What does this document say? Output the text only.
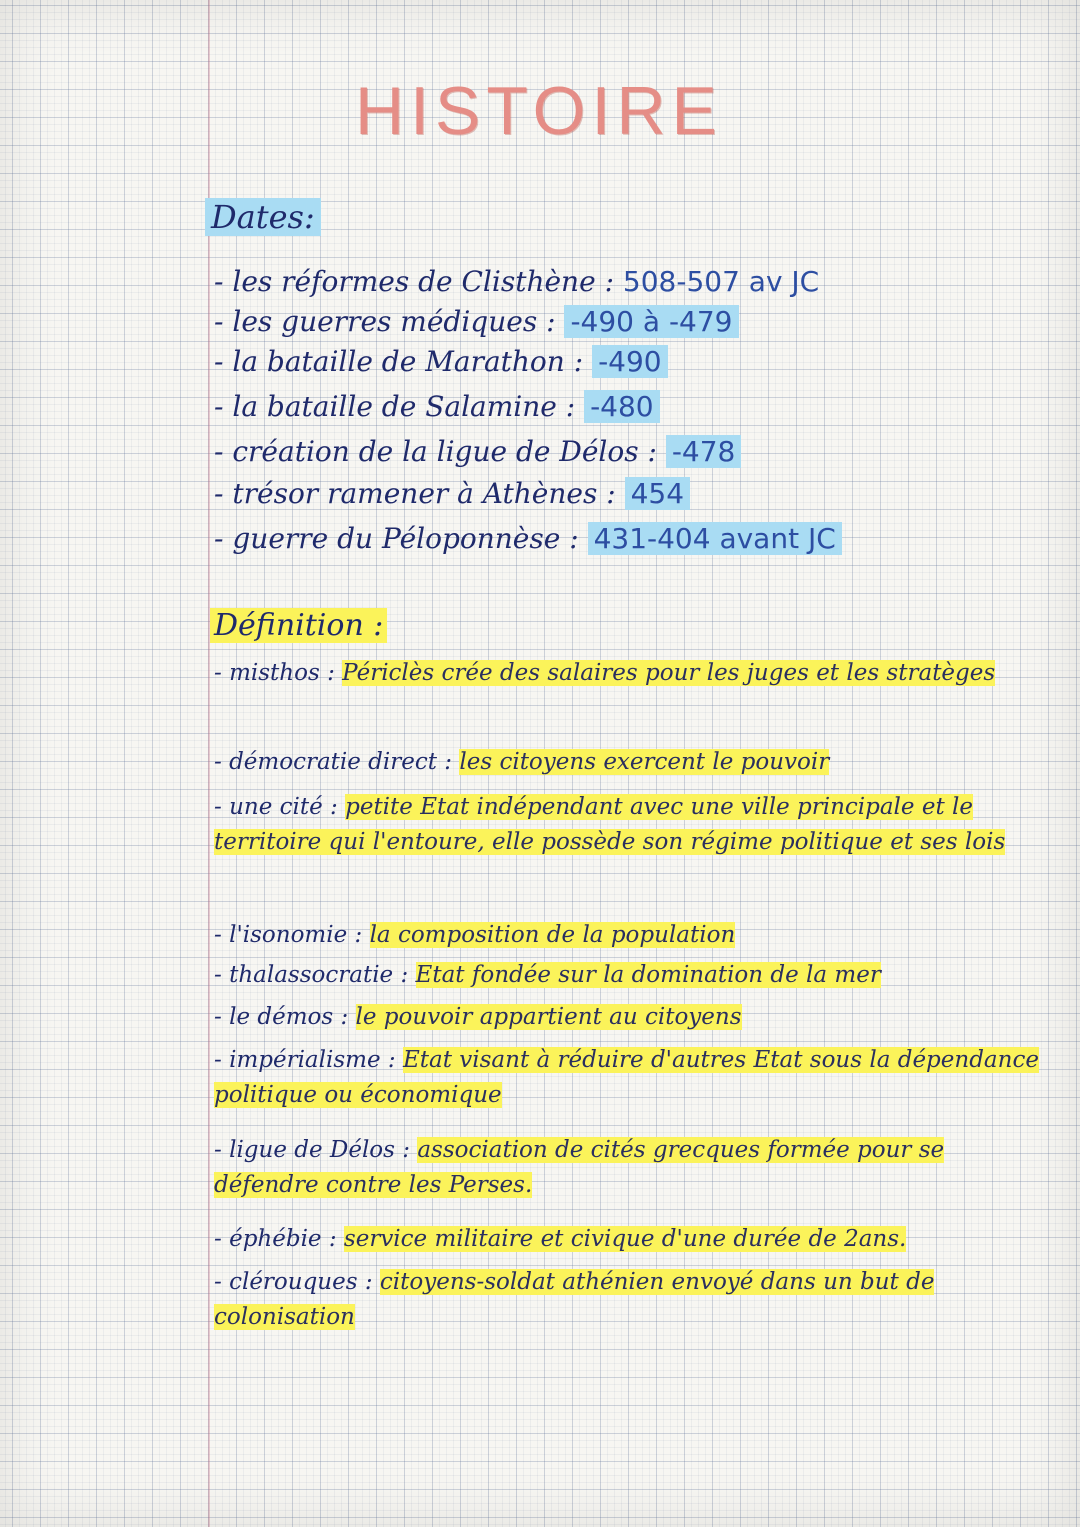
HISTOIRE
Dates:
- les réformes de Clisthène : 508-507 av JC
- les guerres médiques : -490 à -479
- la bataille de Marathon : -490
- la bataille de Salamine : -480
- création de la ligue de Délos : -478
- trésor ramener à Athènes : 454
- guerre du Péloponnèse : 431-404 avant JC
Définition :
- misthos : Périclès crée des salaires pour les juges et les stratèges
- démocratie direct : les citoyens exercent le pouvoir
- une cité : petite Etat indépendant avec une ville principale et le territoire qui l'entoure, elle possède son régime politique et ses lois
- l'isonomie : la composition de la population
- thalassocratie : Etat fondée sur la domination de la mer
- le démos : le pouvoir appartient au citoyens
- impérialisme : Etat visant à réduire d'autres Etat sous la dépendance politique ou économique
- ligue de Délos : association de cités grecques formée pour se défendre contre les Perses.
- éphébie : service militaire et civique d'une durée de 2ans.
- clérouques : citoyens-soldat athénien envoyé dans un but de colonisation
